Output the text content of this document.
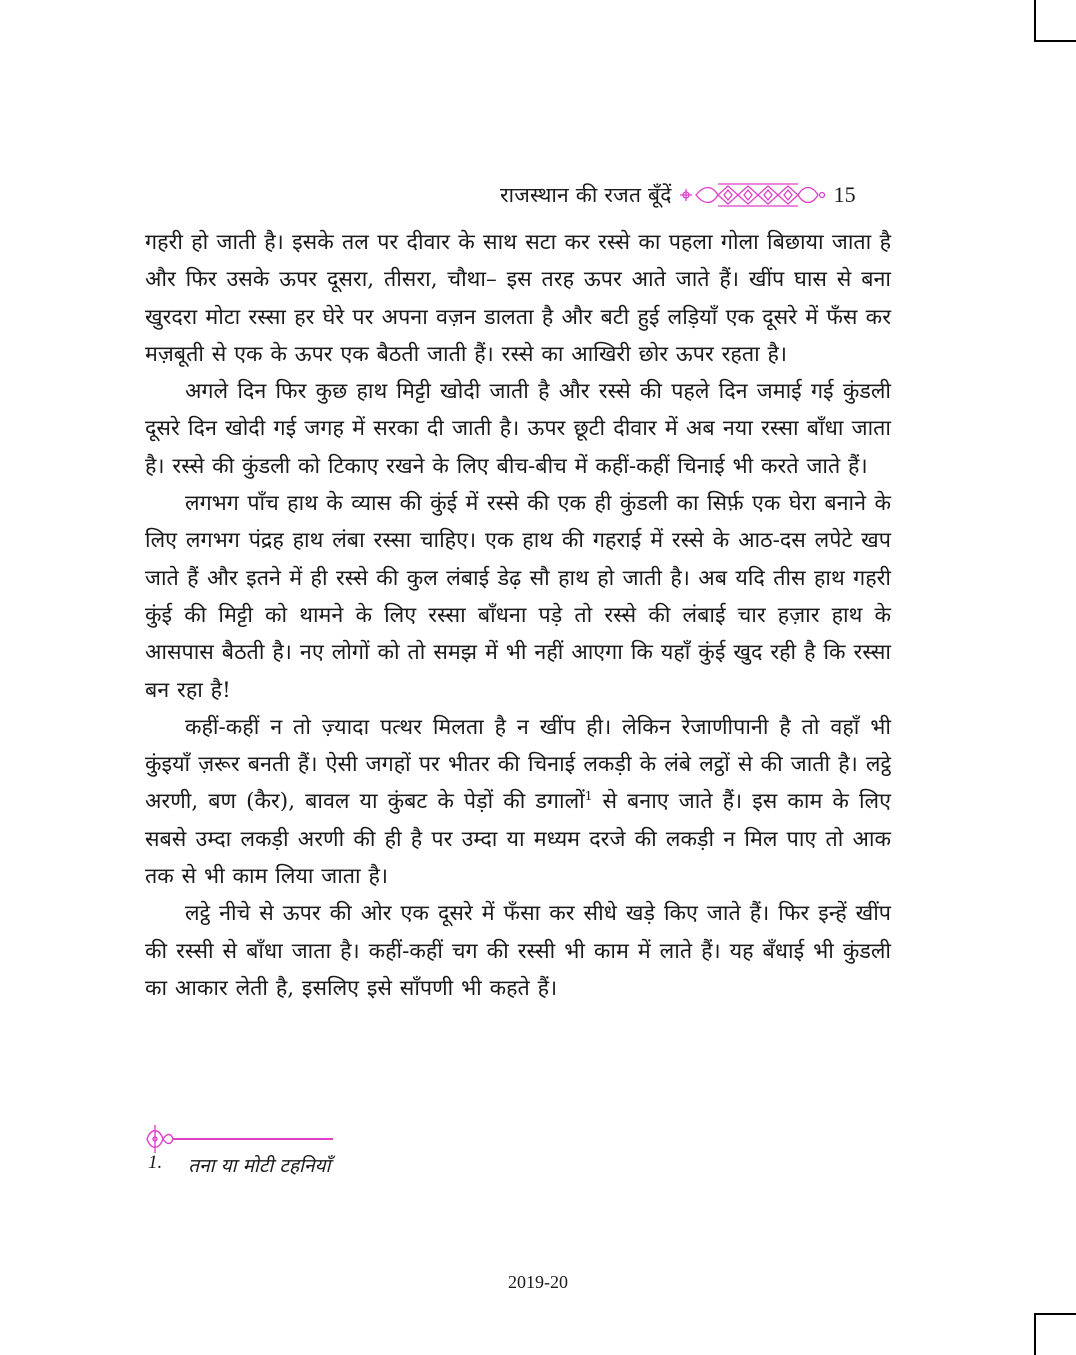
राजस्थान की रजत बूँदें	15

गहरी हो जाती है। इसके तल पर दीवार के साथ सटा कर रस्से का पहला गोला बिछाया जाता है और फिर उसके ऊपर दूसरा, तीसरा, चौथा– इस तरह ऊपर आते जाते हैं। खींप घास से बना खुरदरा मोटा रस्सा हर घेरे पर अपना वज़न डालता है और बटी हुई लड़ियाँ एक दूसरे में फँस कर मज़बूती से एक के ऊपर एक बैठती जाती हैं। रस्से का आखिरी छोर ऊपर रहता है।

अगले दिन फिर कुछ हाथ मिट्टी खोदी जाती है और रस्से की पहले दिन जमाई गई कुंडली दूसरे दिन खोदी गई जगह में सरका दी जाती है। ऊपर छूटी दीवार में अब नया रस्सा बाँधा जाता है। रस्से की कुंडली को टिकाए रखने के लिए बीच-बीच में कहीं-कहीं चिनाई भी करते जाते हैं।

लगभग पाँच हाथ के व्यास की कुंई में रस्से की एक ही कुंडली का सिर्फ़ एक घेरा बनाने के लिए लगभग पंद्रह हाथ लंबा रस्सा चाहिए। एक हाथ की गहराई में रस्से के आठ-दस लपेटे खप जाते हैं और इतने में ही रस्से की कुल लंबाई डेढ़ सौ हाथ हो जाती है। अब यदि तीस हाथ गहरी कुंई की मिट्टी को थामने के लिए रस्सा बाँधना पड़े तो रस्से की लंबाई चार हज़ार हाथ के आसपास बैठती है। नए लोगों को तो समझ में भी नहीं आएगा कि यहाँ कुंई खुद रही है कि रस्सा बन रहा है!

कहीं-कहीं न तो ज़्यादा पत्थर मिलता है न खींप ही। लेकिन रेजाणीपानी है तो वहाँ भी कुंइयाँ ज़रूर बनती हैं। ऐसी जगहों पर भीतर की चिनाई लकड़ी के लंबे लट्ठों से की जाती है। लट्ठे अरणी, बण (कैर), बावल या कुंबट के पेड़ों की डगालों$^1$ से बनाए जाते हैं। इस काम के लिए सबसे उम्दा लकड़ी अरणी की ही है पर उम्दा या मध्यम दरजे की लकड़ी न मिल पाए तो आक तक से भी काम लिया जाता है।

लट्ठे नीचे से ऊपर की ओर एक दूसरे में फँसा कर सीधे खड़े किए जाते हैं। फिर इन्हें खींप की रस्सी से बाँधा जाता है। कहीं-कहीं चग की रस्सी भी काम में लाते हैं। यह बँधाई भी कुंडली का आकार लेती है, इसलिए इसे साँपणी भी कहते हैं।

1. तना या मोटी टहनियाँ
2019-20
